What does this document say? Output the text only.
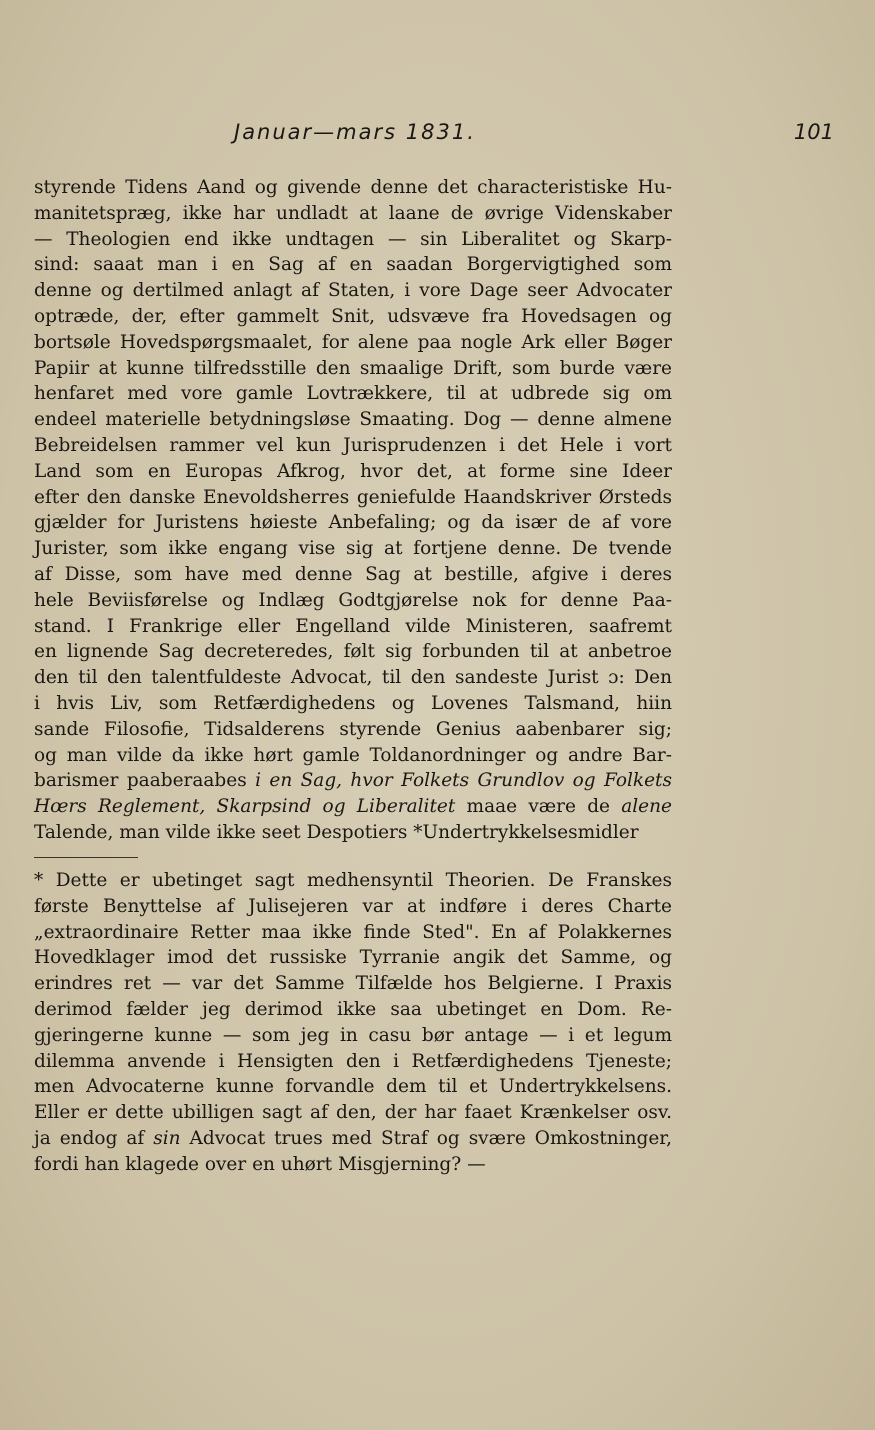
Januar—mars 1831.	101
styrende Tidens Aand og givende denne det characteristiske Hu-
manitetspræg, ikke har undladt at laane de øvrige Videnskaber
— Theologien end ikke undtagen — sin Liberalitet og Skarp-
sind: saaat man i en Sag af en saadan Borgervigtighed som
denne og dertilmed anlagt af Staten, i vore Dage seer Advocater
optræde, der, efter gammelt Snit, udsvæve fra Hovedsagen og
bortsøle Hovedspørgsmaalet, for alene paa nogle Ark eller Bøger
Papiir at kunne tilfredsstille den smaalige Drift, som burde være
henfaret med vore gamle Lovtrækkere, til at udbrede sig om
endeel materielle betydningsløse Smaating. Dog — denne almene
Bebreidelsen rammer vel kun Jurisprudenzen i det Hele i vort
Land som en Europas Afkrog, hvor det, at forme sine Ideer
efter den danske Enevoldsherres geniefulde Haandskriver Ørsteds
gjælder for Juristens høieste Anbefaling; og da især de af vore
Jurister, som ikke engang vise sig at fortjene denne. De tvende
af Disse, som have med denne Sag at bestille, afgive i deres
hele Beviisførelse og Indlæg Godtgjørelse nok for denne Paa-
stand. I Frankrige eller Engelland vilde Ministeren, saafremt
en lignende Sag decreteredes, følt sig forbunden til at anbetroe
den til den talentfuldeste Advocat, til den sandeste Jurist ɔ: Den
i hvis Liv, som Retfærdighedens og Lovenes Talsmand, hiin
sande Filosofie, Tidsalderens styrende Genius aabenbarer sig;
og man vilde da ikke hørt gamle Toldanordninger og andre Bar-
barismer paaberaabes i en Sag, hvor Folkets Grundlov og Folkets
Hœrs Reglement, Skarpsind og Liberalitet maae være de alene
Talende, man vilde ikke seet Despotiers *Undertrykkelsesmidler
* Dette er ubetinget sagt medhensyntil Theorien. De Franskes
første Benyttelse af Julisejeren var at indføre i deres Charte
„extraordinaire Retter maa ikke finde Sted". En af Polakkernes
Hovedklager imod det russiske Tyrranie angik det Samme, og
erindres ret — var det Samme Tilfælde hos Belgierne. I Praxis
derimod fælder jeg derimod ikke saa ubetinget en Dom. Re-
gjeringerne kunne — som jeg in casu bør antage — i et legum
dilemma anvende i Hensigten den i Retfærdighedens Tjeneste;
men Advocaterne kunne forvandle dem til et Undertrykkelsens.
Eller er dette ubilligen sagt af den, der har faaet Krænkelser osv.
ja endog af sin Advocat trues med Straf og svære Omkostninger,
fordi han klagede over en uhørt Misgjerning? —
